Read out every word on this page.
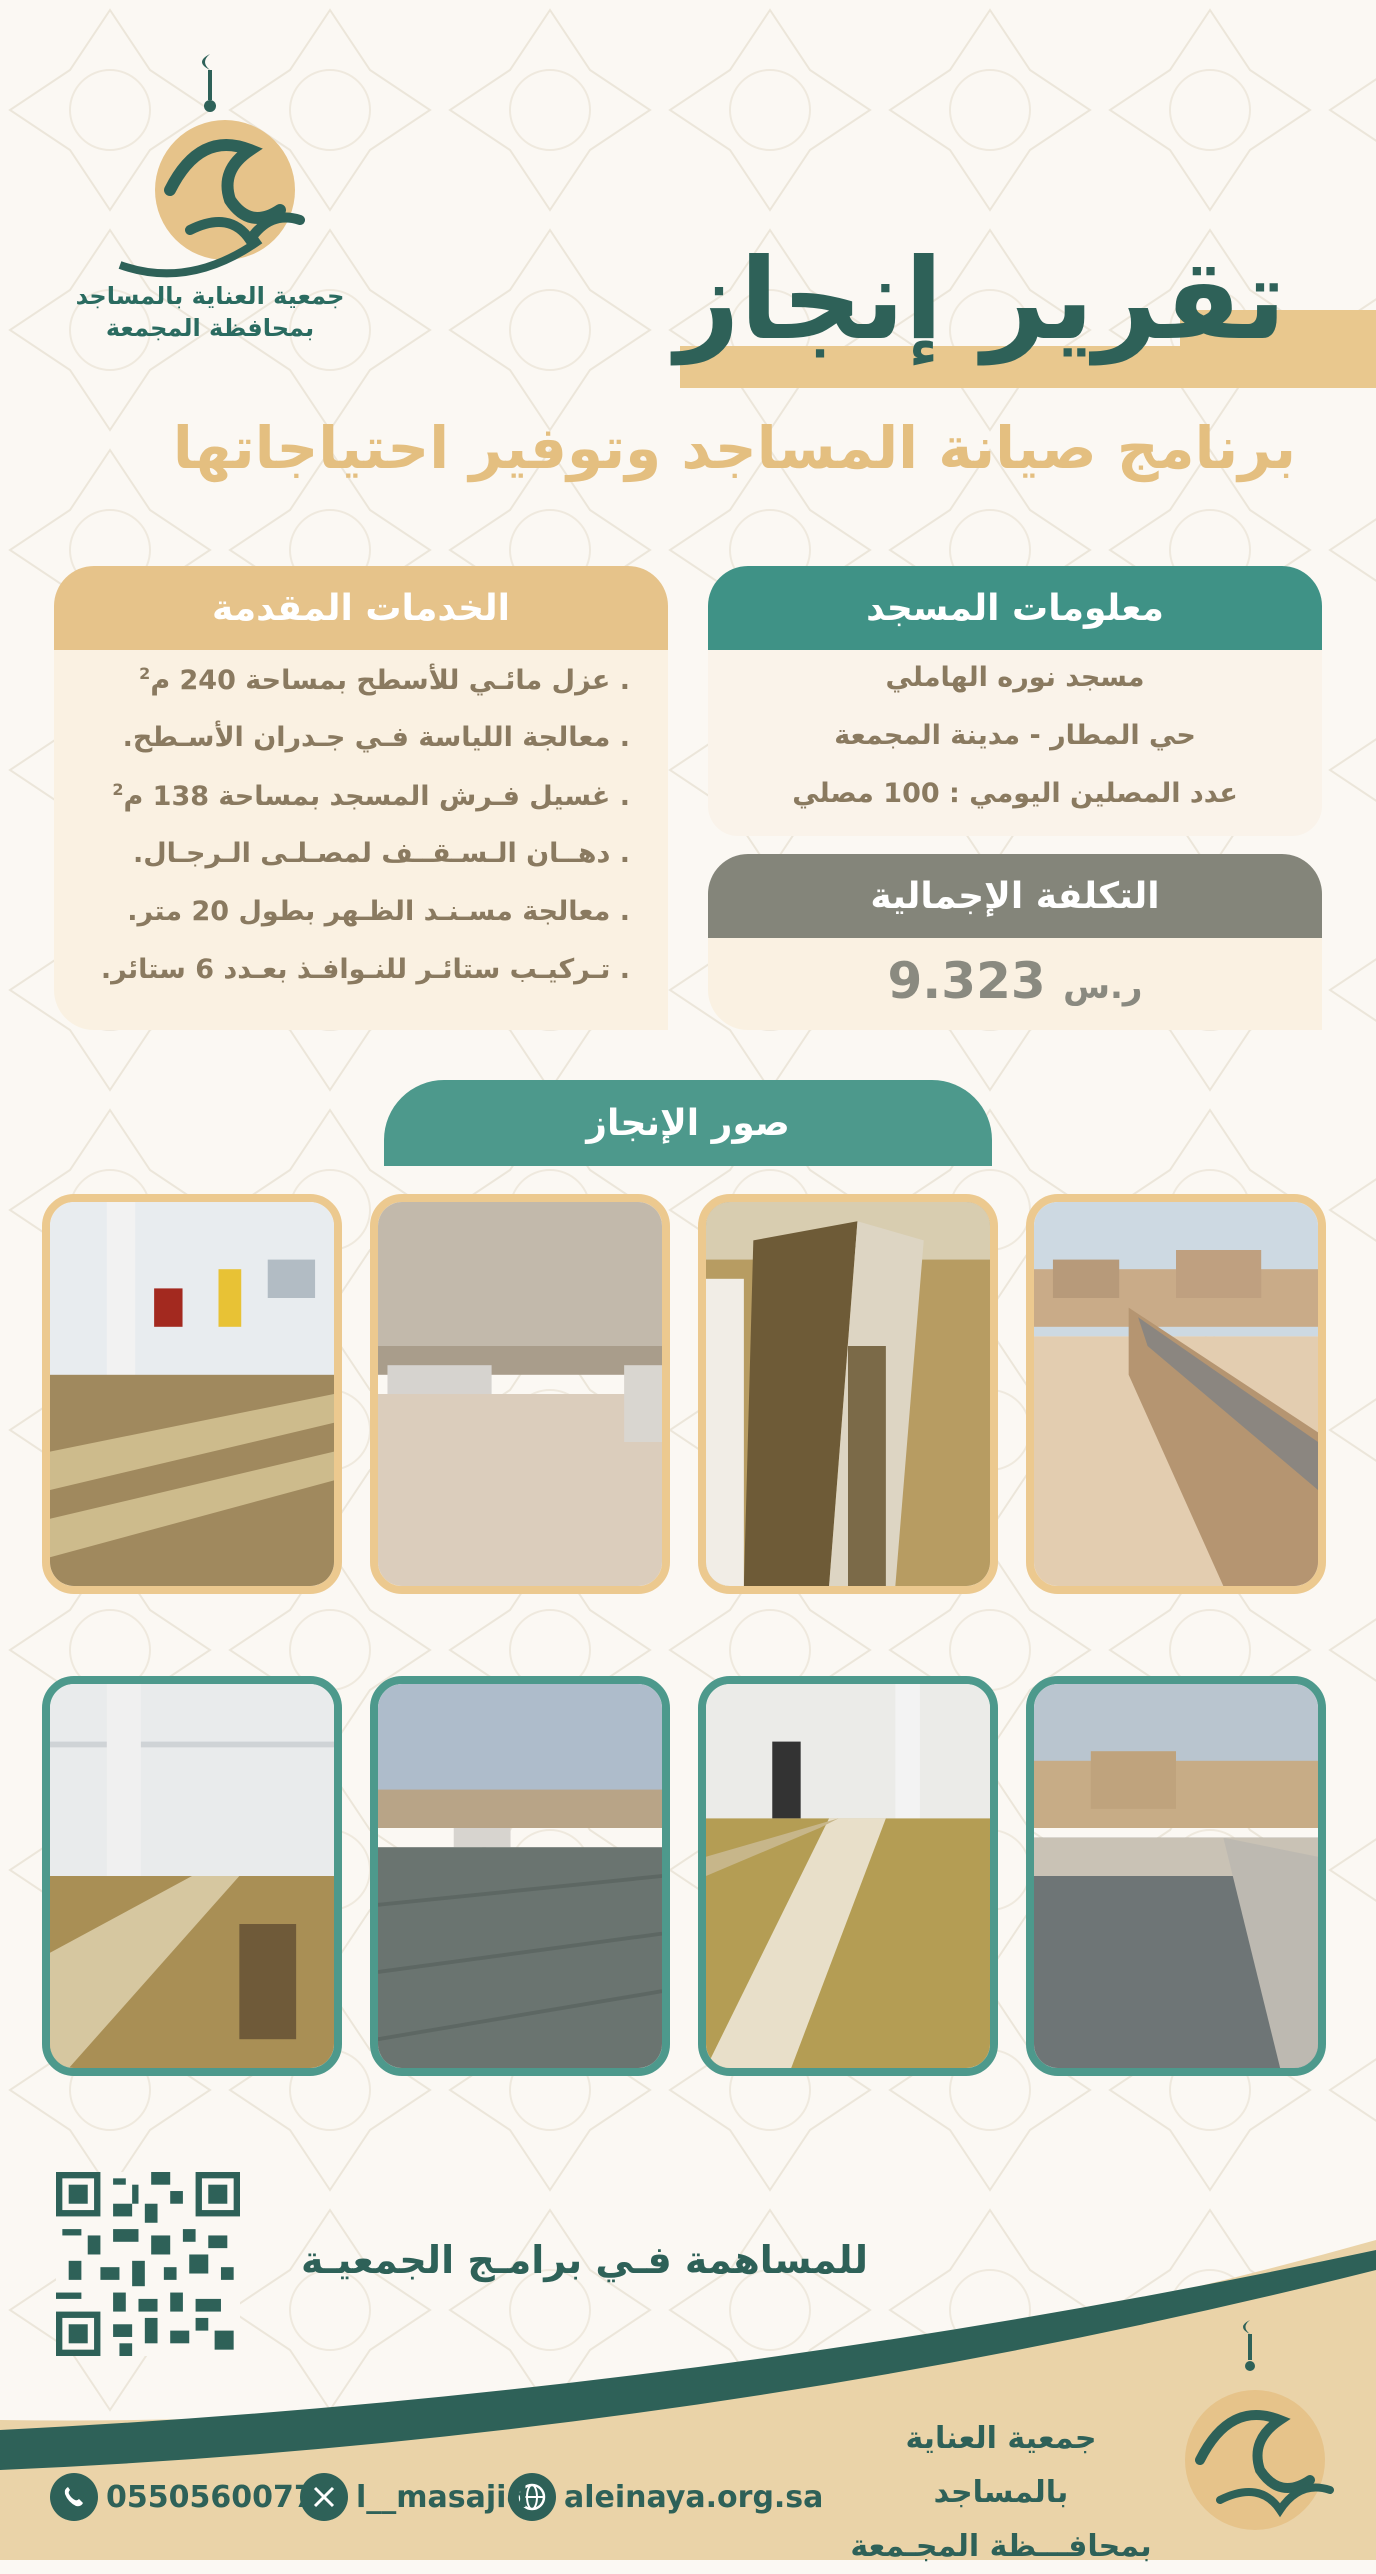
جمعية العناية بالمساجد
بمحافظة المجمعة	تقرير إنجاز
برنامج صيانة المساجد وتوفير احتياجاتها
معلومات المسجد
مسجد نوره الهاملي
حي المطار - مدينة المجمعة
عدد المصلين اليومي : 100 مصلي
الخدمات المقدمة
. عزل مائـي للأسطح بمساحة 240 م$^2$
. معالجة اللياسة فـي جـدران الأسـطح.
. غسيل فـرش المسجد بمساحة 138 م$^2$
. دهــان الـسـقــف لمصـلـى الـرجـال.
. معالجة مسـنـد الظـهر بطول 20 متر.
. تـركيـب ستائـر للنـوافـذ بعـدد 6 ستائر.
التكلفة الإجمالية
9.323 ر.س
صور الإنجاز
للمساهمة فـي برامـج الجمعيـة
جمعية العناية بالمساجد
بمحافـــظة المجـمعة
aleinaya.org.sa
l__masajid
0550560077
